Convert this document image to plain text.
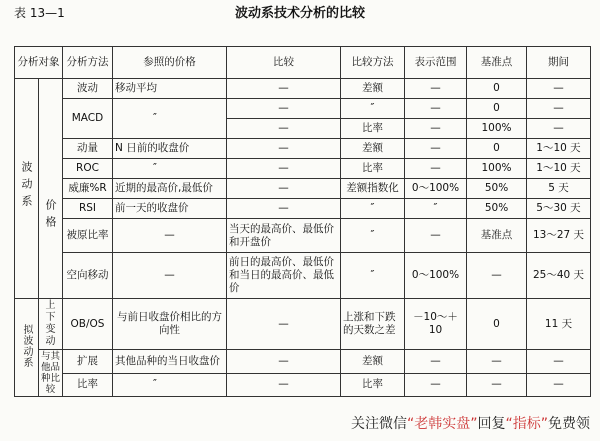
表 13—1	波动系技术分析的比较
分析对象		分析方法	参照的价格	比较	比较方法	表示范围	基准点	期间
波动系		波动	移动平均	—	差额	—	0	—
		MACD	″	—	″	—	0	—
				—	比率	—	100%	—
	价格	动量	N 日前的收盘价	—	差额	—	0	1～10 天
		ROC	″	—	比率	—	100%	1～10 天
		威廉%R	近期的最高价,最低价	—	差额指数化	0～100%	50%	5 天
		RSI	前一天的收盘价	—	″	″	50%	5～30 天
		被原比率	—	当天的最高价、最低价和开盘价	″	—	基准点	13～27 天
		空向移动	—	前日的最高价、最低价和当日的最高价、最低价	″	0～100%	—	25～40 天
拟波动系	上下变动	OB/OS	与前日收盘价相比的方向性	—	上涨和下跌的天数之差	－10～＋10	0	11 天
	与其他品种比较	扩展	其他品种的当日收盘价	—	差额	—	—	—
		比率	″	—	比率	—	—	—
关注微信“老韩实盘”回复“指标”免费领
